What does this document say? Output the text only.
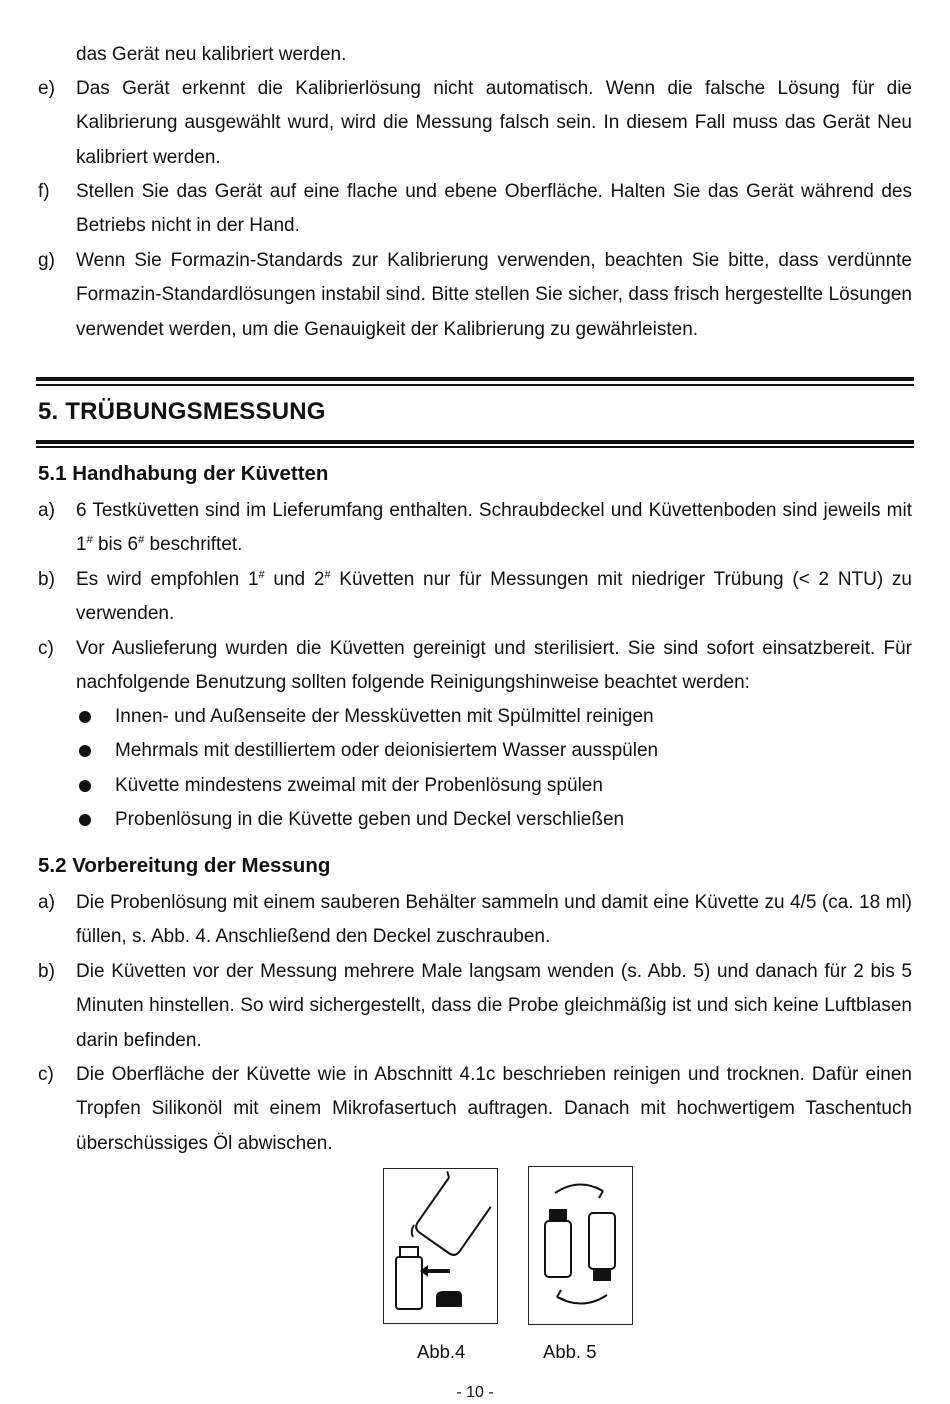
das Gerät neu kalibriert werden.
e) Das Gerät erkennt die Kalibrierlösung nicht automatisch. Wenn die falsche Lösung für die Kalibrierung ausgewählt wurd, wird die Messung falsch sein. In diesem Fall muss das Gerät Neu kalibriert werden.
f) Stellen Sie das Gerät auf eine flache und ebene Oberfläche. Halten Sie das Gerät während des Betriebs nicht in der Hand.
g) Wenn Sie Formazin-Standards zur Kalibrierung verwenden, beachten Sie bitte, dass verdünnte Formazin-Standardlösungen instabil sind. Bitte stellen Sie sicher, dass frisch hergestellte Lösungen verwendet werden, um die Genauigkeit der Kalibrierung zu gewährleisten.
5. TRÜBUNGSMESSUNG
5.1 Handhabung der Küvetten
a) 6 Testküvetten sind im Lieferumfang enthalten. Schraubdeckel und Küvettenboden sind jeweils mit 1# bis 6# beschriftet.
b) Es wird empfohlen 1# und 2# Küvetten nur für Messungen mit niedriger Trübung (< 2 NTU) zu verwenden.
c) Vor Auslieferung wurden die Küvetten gereinigt und sterilisiert. Sie sind sofort einsatzbereit. Für nachfolgende Benutzung sollten folgende Reinigungshinweise beachtet werden:
Innen- und Außenseite der Messküvetten mit Spülmittel reinigen
Mehrmals mit destilliertem oder deionisiertem Wasser ausspülen
Küvette mindestens zweimal mit der Probenlösung spülen
Probenlösung in die Küvette geben und Deckel verschließen
5.2 Vorbereitung der Messung
a) Die Probenlösung mit einem sauberen Behälter sammeln und damit eine Küvette zu 4/5 (ca. 18 ml) füllen, s. Abb. 4. Anschließend den Deckel zuschrauben.
b) Die Küvetten vor der Messung mehrere Male langsam wenden (s. Abb. 5) und danach für 2 bis 5 Minuten hinstellen. So wird sichergestellt, dass die Probe gleichmäßig ist und sich keine Luftblasen darin befinden.
c) Die Oberfläche der Küvette wie in Abschnitt 4.1c beschrieben reinigen und trocknen. Dafür einen Tropfen Silikonöl mit einem Mikrofasertuch auftragen. Danach mit hochwertigem Taschentuch überschüssiges Öl abwischen.
Abb.4	Abb. 5
- 10 -
